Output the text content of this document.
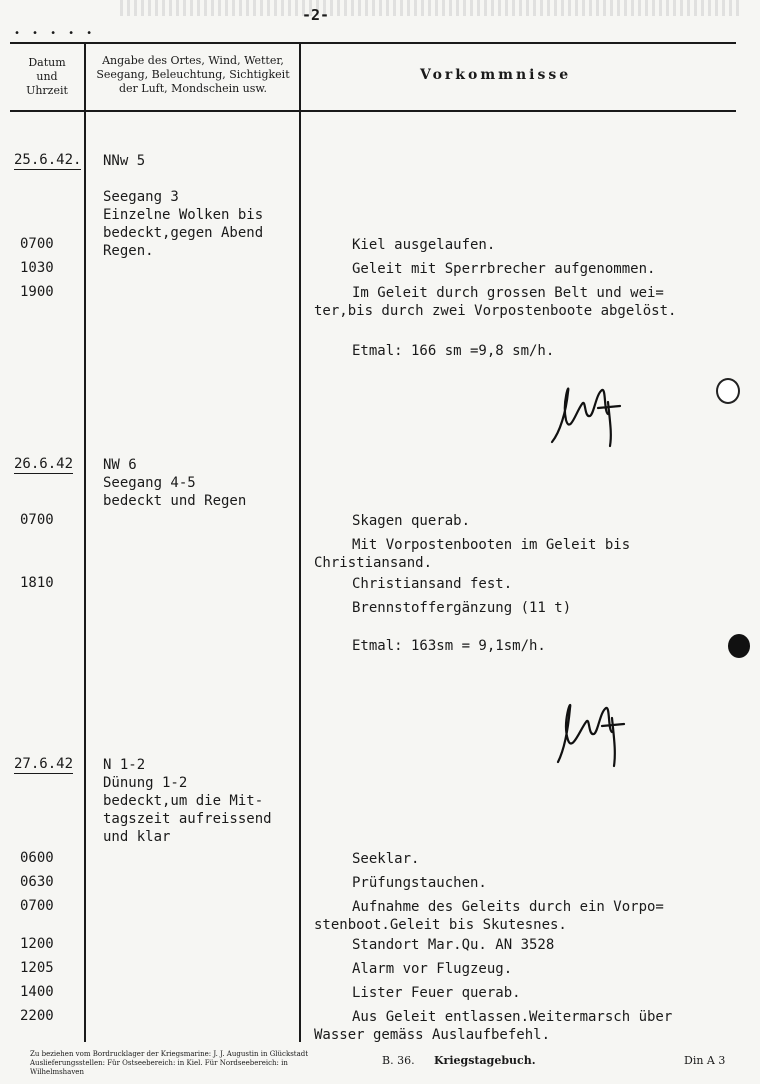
• • • • •
-2-
Datum
und
Uhrzeit
Angabe des Ortes, Wind, Wetter,
Seegang, Beleuchtung, Sichtigkeit
der Luft, Mondschein usw.
Vorkommnisse
25.6.42.
26.6.42
27.6.42
NNw 5

Seegang 3
Einzelne Wolken bis
bedeckt,gegen Abend
Regen.
NW 6
Seegang 4-5
bedeckt und Regen
N 1-2
Dünung 1-2
bedeckt,um die Mit-
tagszeit aufreissend
und klar
0700
1030
1900
0700
1810
0600
0630
0700
1200
1205
1400
2200
Kiel ausgelaufen.
Geleit mit Sperrbrecher aufgenommen.
Im Geleit durch grossen Belt und wei=
ter,bis durch zwei Vorpostenboote abgelöst.
Etmal: 166 sm =9,8 sm/h.
Skagen querab.
Mit Vorpostenbooten im Geleit bis
Christiansand.
Christiansand fest.
Brennstoffergänzung (11 t)
Etmal: 163sm = 9,1sm/h.
Seeklar.
Prüfungstauchen.
Aufnahme des Geleits durch ein Vorpo=
stenboot.Geleit bis Skutesnes.
Standort Mar.Qu. AN 3528
Alarm vor Flugzeug.
Lister Feuer querab.
Aus Geleit entlassen.Weitermarsch über
Wasser gemäss Auslaufbefehl.
Zu beziehen vom Bordrucklager der Kriegsmarine: J. J. Augustin in Glückstadt
Auslieferungsstellen: Für Ostseebereich: in Kiel. Für Nordseebereich: in Wilhelmshaven
B. 36. Kriegstagebuch.	Din A 3
